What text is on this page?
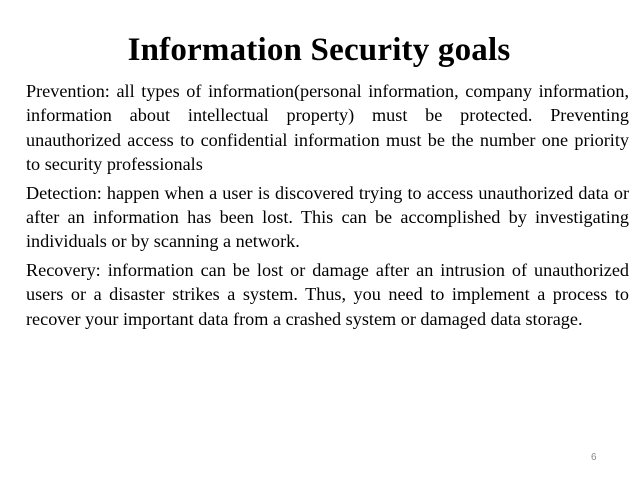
Information Security goals

Prevention: all types of information(personal information, company information, information about intellectual property) must be protected. Preventing unauthorized access to confidential information must be the number one priority to security professionals

Detection: happen when a user is discovered trying to access unauthorized data or after an information has been lost. This can be accomplished by investigating individuals or by scanning a network.

Recovery: information can be lost or damage after an intrusion of unauthorized users or a disaster strikes a system. Thus, you need to implement a process to recover your important data from a crashed system or damaged data storage.

6
